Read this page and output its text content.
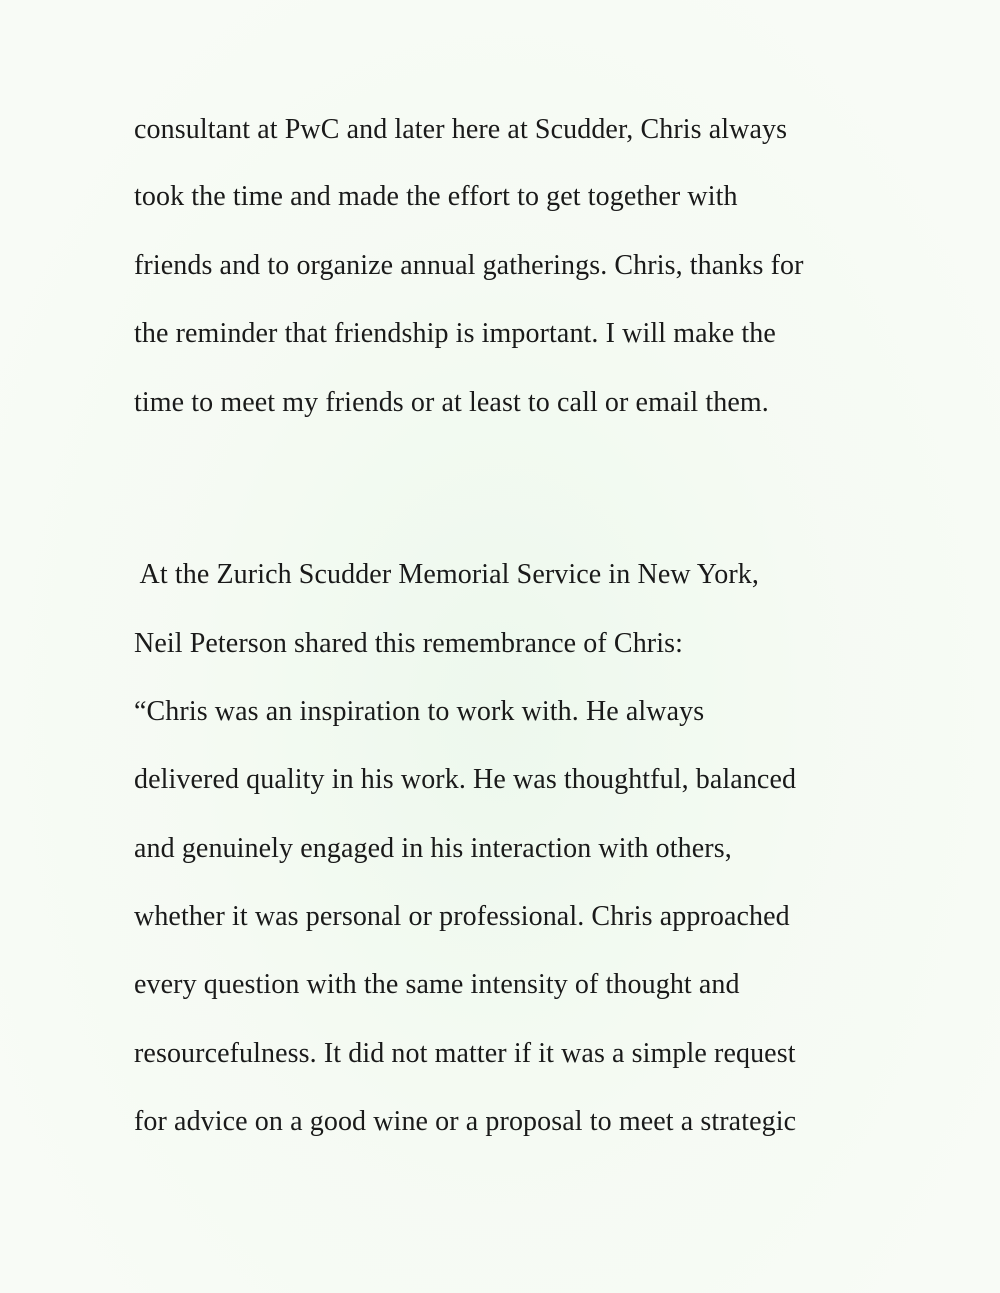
consultant at PwC and later here at Scudder, Chris always
took the time and made the effort to get together with
friends and to organize annual gatherings. Chris, thanks for
the reminder that friendship is important. I will make the
time to meet my friends or at least to call or email them.
At the Zurich Scudder Memorial Service in New York,
Neil Peterson shared this remembrance of Chris:
“Chris was an inspiration to work with. He always
delivered quality in his work. He was thoughtful, balanced
and genuinely engaged in his interaction with others,
whether it was personal or professional. Chris approached
every question with the same intensity of thought and
resourcefulness. It did not matter if it was a simple request
for advice on a good wine or a proposal to meet a strategic
